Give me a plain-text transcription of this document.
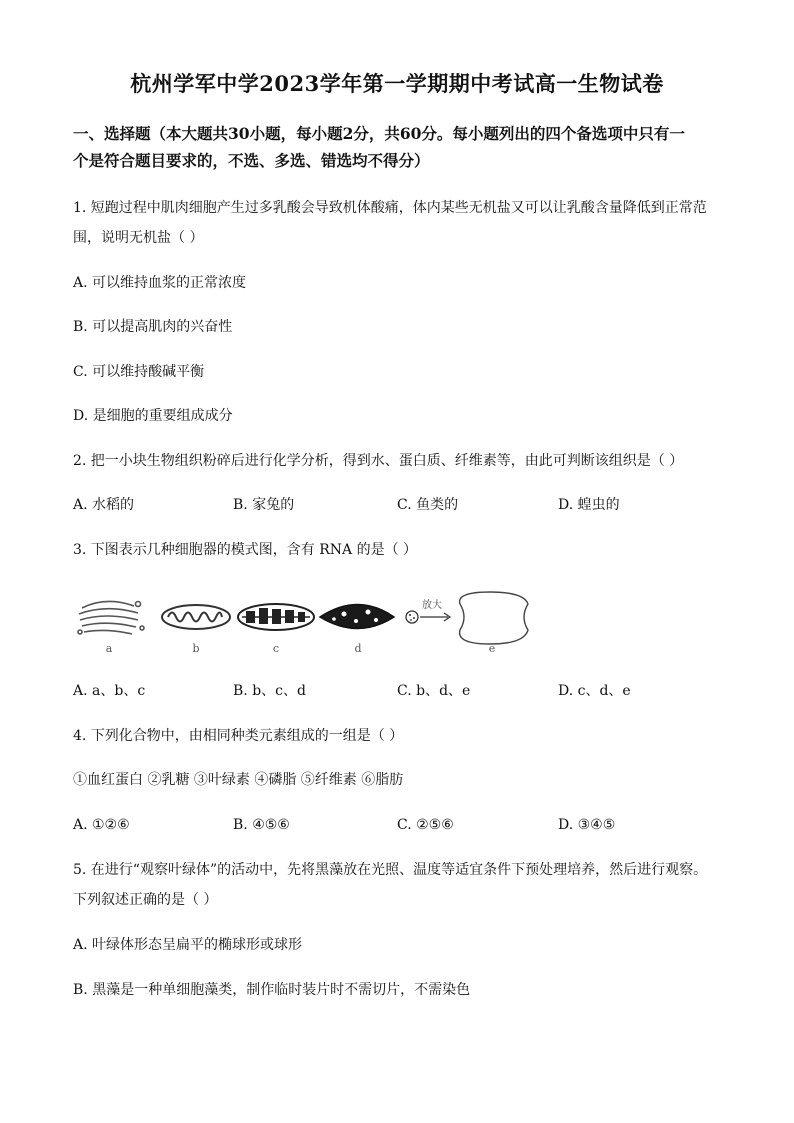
杭州学军中学2023学年第一学期期中考试高一生物试卷
一、选择题（本大题共30小题，每小题2分，共60分。每小题列出的四个备选项中只有一
个是符合题目要求的，不选、多选、错选均不得分）
1. 短跑过程中肌肉细胞产生过多乳酸会导致机体酸痛，体内某些无机盐又可以让乳酸含量降低到正常范
围，说明无机盐（ ）
A. 可以维持血浆的正常浓度
B. 可以提高肌肉的兴奋性
C. 可以维持酸碱平衡
D. 是细胞的重要组成成分
2. 把一小块生物组织粉碎后进行化学分析，得到水、蛋白质、纤维素等，由此可判断该组织是（ ）
A. 水稻的	B. 家兔的	C. 鱼类的	D. 蝗虫的
3. 下图表示几种细胞器的模式图，含有 RNA 的是（ ）
放大
a	b	c	d	e
A. a、b、c	B. b、c、d	C. b、d、e	D. c、d、e
4. 下列化合物中，由相同种类元素组成的一组是（ ）
①血红蛋白 ②乳糖 ③叶绿素 ④磷脂 ⑤纤维素 ⑥脂肪
A. ①②⑥	B. ④⑤⑥	C. ②⑤⑥	D. ③④⑤
5. 在进行“观察叶绿体”的活动中，先将黑藻放在光照、温度等适宜条件下预处理培养，然后进行观察。
下列叙述正确的是（ ）
A. 叶绿体形态呈扁平的椭球形或球形
B. 黑藻是一种单细胞藻类，制作临时装片时不需切片，不需染色
